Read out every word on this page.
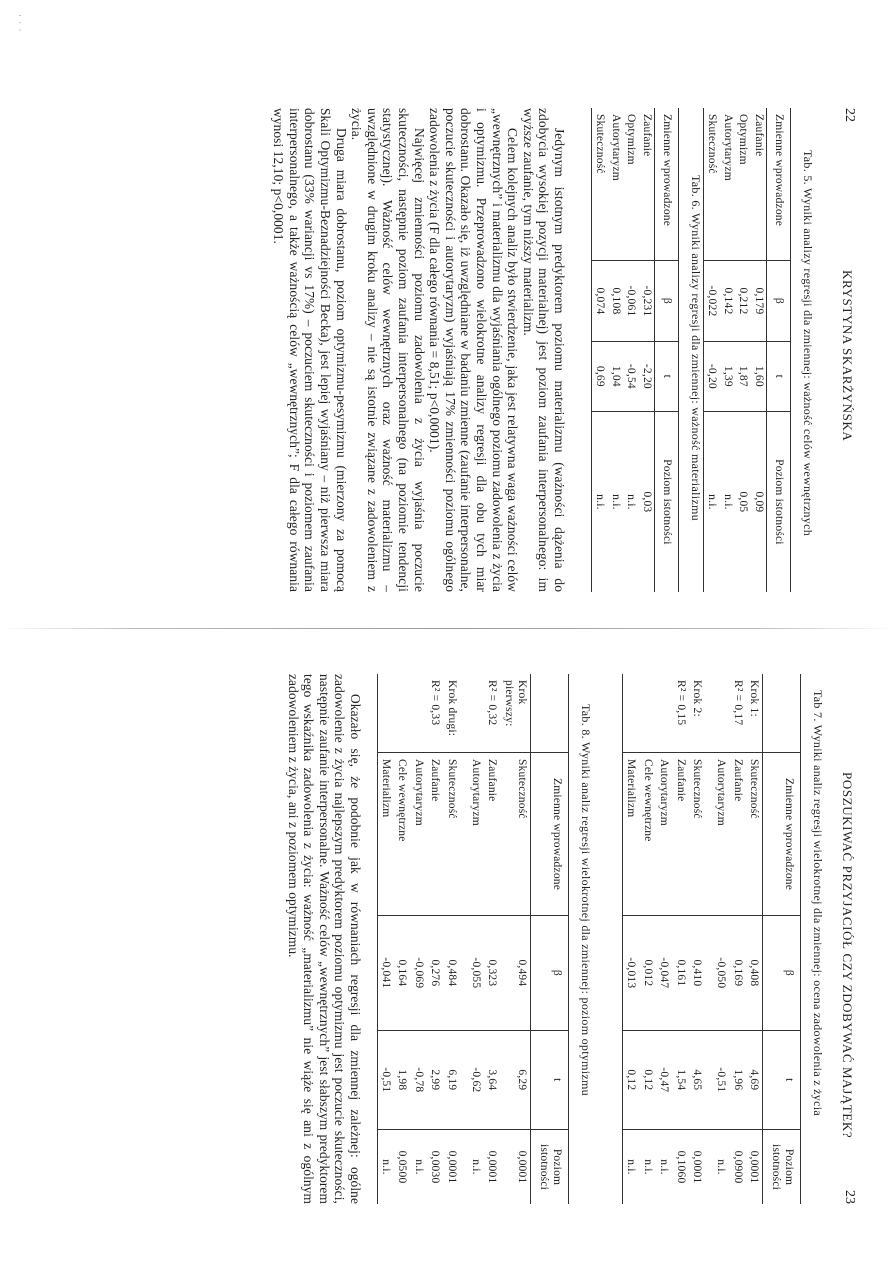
· · ·
22
KRYSTYNA SKARŻYŃSKA
Tab. 5. Wyniki analizy regresji dla zmiennej: ważność celów wewnętrznych
Zmienne wprowadzone	β	t	Poziom istotności
Zaufanie	0,179	1,60	0,09
Optymizm	0,212	1,87	0,05
Autorytaryzm	0,142	1,39	n.i.
Skuteczność	-0,022	-0,20	n.i.
Tab. 6. Wyniki analizy regresji dla zmiennej: ważność materializmu
Zmienne wprowadzone	β	t	Poziom istotności
Zaufanie	-0,231	-2,20	0,03
Optymizm	-0,061	-0,54	n.i.
Autorytaryzm	0,108	1,04	n.i.
Skuteczność	0,074	0,69	n.i.

Jedynym istotnym predyktorem poziomu materializmu (ważności dążenia do zdobycia wysokiej pozycji materialnej) jest poziom zaufania interpersonalnego: im wyższe zaufanie, tym niższy materializm.

Celem kolejnych analiz było stwierdzenie, jaka jest relatywna waga ważności celów „wewnętrznych” i materializmu dla wyjaśniania ogólnego poziomu zadowolenia z życia i optymizmu. Przeprowadzono wielokrotne analizy regresji dla obu tych miar dobrostanu. Okazało się, iż uwzględniane w badaniu zmienne (zaufanie interpersonalne, poczucie skuteczności i autorytaryzm) wyjaśniają 17% zmienności poziomu ogólnego zadowolenia z życia (F dla całego równania = 8,51; p<0,0001).

Najwięcej zmienności poziomu zadowolenia z życia wyjaśnia poczucie skuteczności, następnie poziom zaufania interpersonalnego (na poziomie tendencji statystycznej). Ważność celów wewnętrznych oraz ważność materializmu – uwzględnione w drugim kroku analizy – nie są istotnie związane z zadowoleniem z życia.

Druga miara dobrostanu, poziom optymizmu-pesymizmu (mierzony za pomocą Skali Optymizmu-Beznadziejności Becka), jest lepiej wyjaśniany – niż pierwsza miara dobrostanu (33% wariancji vs 17%) – poczuciem skuteczności i poziomem zaufania interpersonalnego, a także ważnością celów „wewnętrznych”; F dla całego równania wynosi 12,10; p<0,0001.

POSZUKIWAĆ PRZYJACIÓŁ CZY ZDOBYWAĆ MAJĄTEK?
23
Tab 7. Wyniki analiz regresji wielokrotnej dla zmiennej: ocena zadowolenia z życia
	Zmienne wprowadzone	β	t	Poziom istotności
Krok 1:	Skuteczność	0,408	4,69	0,0001
R² = 0,17	Zaufanie	0,169	1,96	0,0900
	Autorytaryzm	-0,050	-0,51	n.i.

Krok 2:	Skuteczność	0,410	4,65	0,0001
R² = 0,15	Zaufanie	0,161	1,54	0,1060
	Autorytaryzm	-0,047	-0,47	n.i.
	Cele wewnętrzne	0,012	0,12	n.i.
	Materializm	-0,013	0,12	n.i.
Tab. 8. Wyniki analiz regresji wielokrotnej dla zmiennej: poziom optymizmu
	Zmienne wprowadzone	β	t	Poziom istotności
Krok pierwszy:	Skuteczność	0,494	6,29	0,0001
R² = 0,32	Zaufanie	0,323	3,64	0,0001
	Autorytaryzm	-0,055	-0,62	n.i.

Krok drugi:	Skuteczność	0,484	6,19	0,0001
R² = 0,33	Zaufanie	0,276	2,99	0,0030
	Autorytaryzm	-0,069	-0,78	n.i.
	Cele wewnętrzne	0,164	1,98	0,0500
	Materializm	-0,041	-0,51	n.i.

Okazało się, że podobnie jak w równaniach regresji dla zmiennej zależnej: ogólne zadowolenie z życia najlepszym predyktorem poziomu optymizmu jest poczucie skuteczności, następnie zaufanie interpersonalne. Ważność celów „wewnętrznych” jest słabszym predyktorem tego wskaźnika zadowolenia z życia: ważność „materializmu” nie wiąże się ani z ogólnym zadowoleniem z życia, ani z poziomem optymizmu.
